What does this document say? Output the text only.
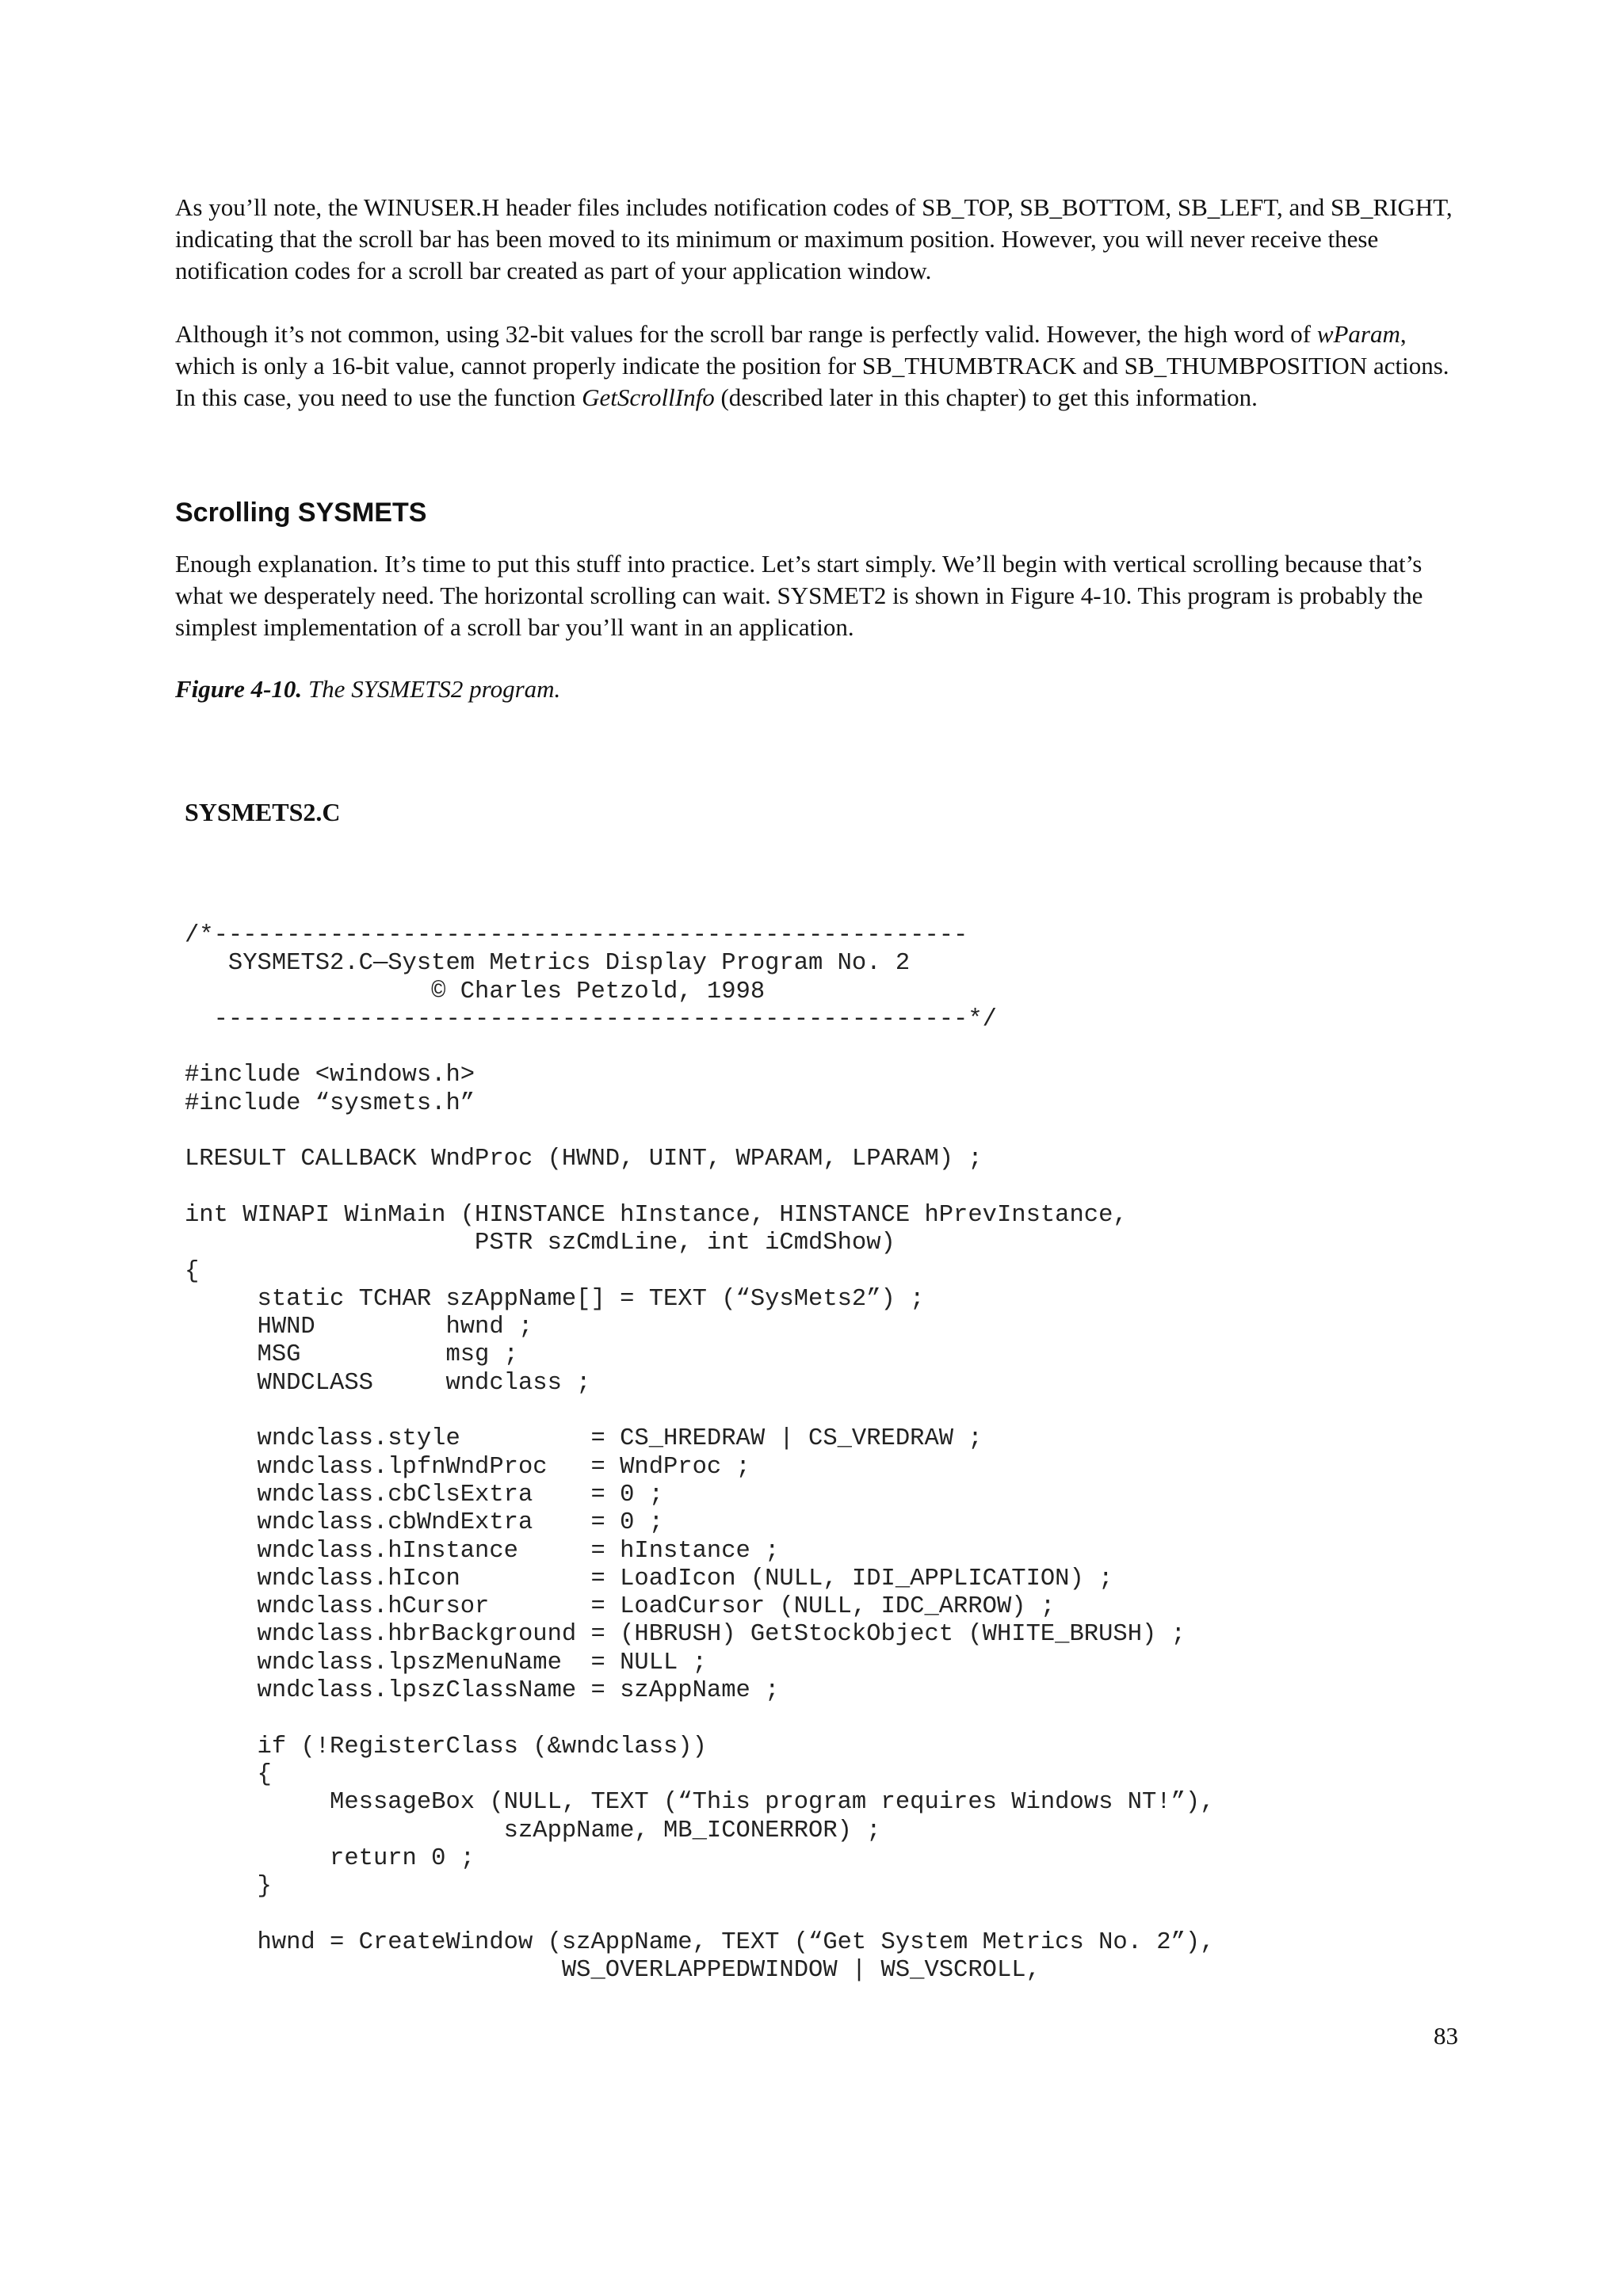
As you’ll note, the WINUSER.H header files includes notification codes of SB_TOP, SB_BOTTOM, SB_LEFT, and SB_RIGHT, indicating that the scroll bar has been moved to its minimum or maximum position. However, you will never receive these notification codes for a scroll bar created as part of your application window.

Although it’s not common, using 32-bit values for the scroll bar range is perfectly valid. However, the high word of wParam, which is only a 16-bit value, cannot properly indicate the position for SB_THUMBTRACK and SB_THUMBPOSITION actions. In this case, you need to use the function GetScrollInfo (described later in this chapter) to get this information.

Scrolling SYSMETS

Enough explanation. It’s time to put this stuff into practice. Let’s start simply. We’ll begin with vertical scrolling because that’s what we desperately need. The horizontal scrolling can wait. SYSMET2 is shown in Figure 4-10. This program is probably the simplest implementation of a scroll bar you’ll want in an application.

Figure 4-10. The SYSMETS2 program.

SYSMETS2.C
/*----------------------------------------------------
SYSMETS2.C—System Metrics Display Program No. 2
© Charles Petzold, 1998
----------------------------------------------------*/
#include <windows.h>
#include “sysmets.h”
LRESULT CALLBACK WndProc (HWND, UINT, WPARAM, LPARAM) ;
int WINAPI WinMain (HINSTANCE hInstance, HINSTANCE hPrevInstance,
PSTR szCmdLine, int iCmdShow)
{
static TCHAR szAppName[] = TEXT (“SysMets2”) ;
HWND         hwnd ;
MSG          msg ;
WNDCLASS     wndclass ;
wndclass.style         = CS_HREDRAW | CS_VREDRAW ;
wndclass.lpfnWndProc   = WndProc ;
wndclass.cbClsExtra    = 0 ;
wndclass.cbWndExtra    = 0 ;
wndclass.hInstance     = hInstance ;
wndclass.hIcon         = LoadIcon (NULL, IDI_APPLICATION) ;
wndclass.hCursor       = LoadCursor (NULL, IDC_ARROW) ;
wndclass.hbrBackground = (HBRUSH) GetStockObject (WHITE_BRUSH) ;
wndclass.lpszMenuName  = NULL ;
wndclass.lpszClassName = szAppName ;
if (!RegisterClass (&wndclass))
{
MessageBox (NULL, TEXT (“This program requires Windows NT!”),
szAppName, MB_ICONERROR) ;
return 0 ;
}
hwnd = CreateWindow (szAppName, TEXT (“Get System Metrics No. 2”),
WS_OVERLAPPEDWINDOW | WS_VSCROLL,
83
